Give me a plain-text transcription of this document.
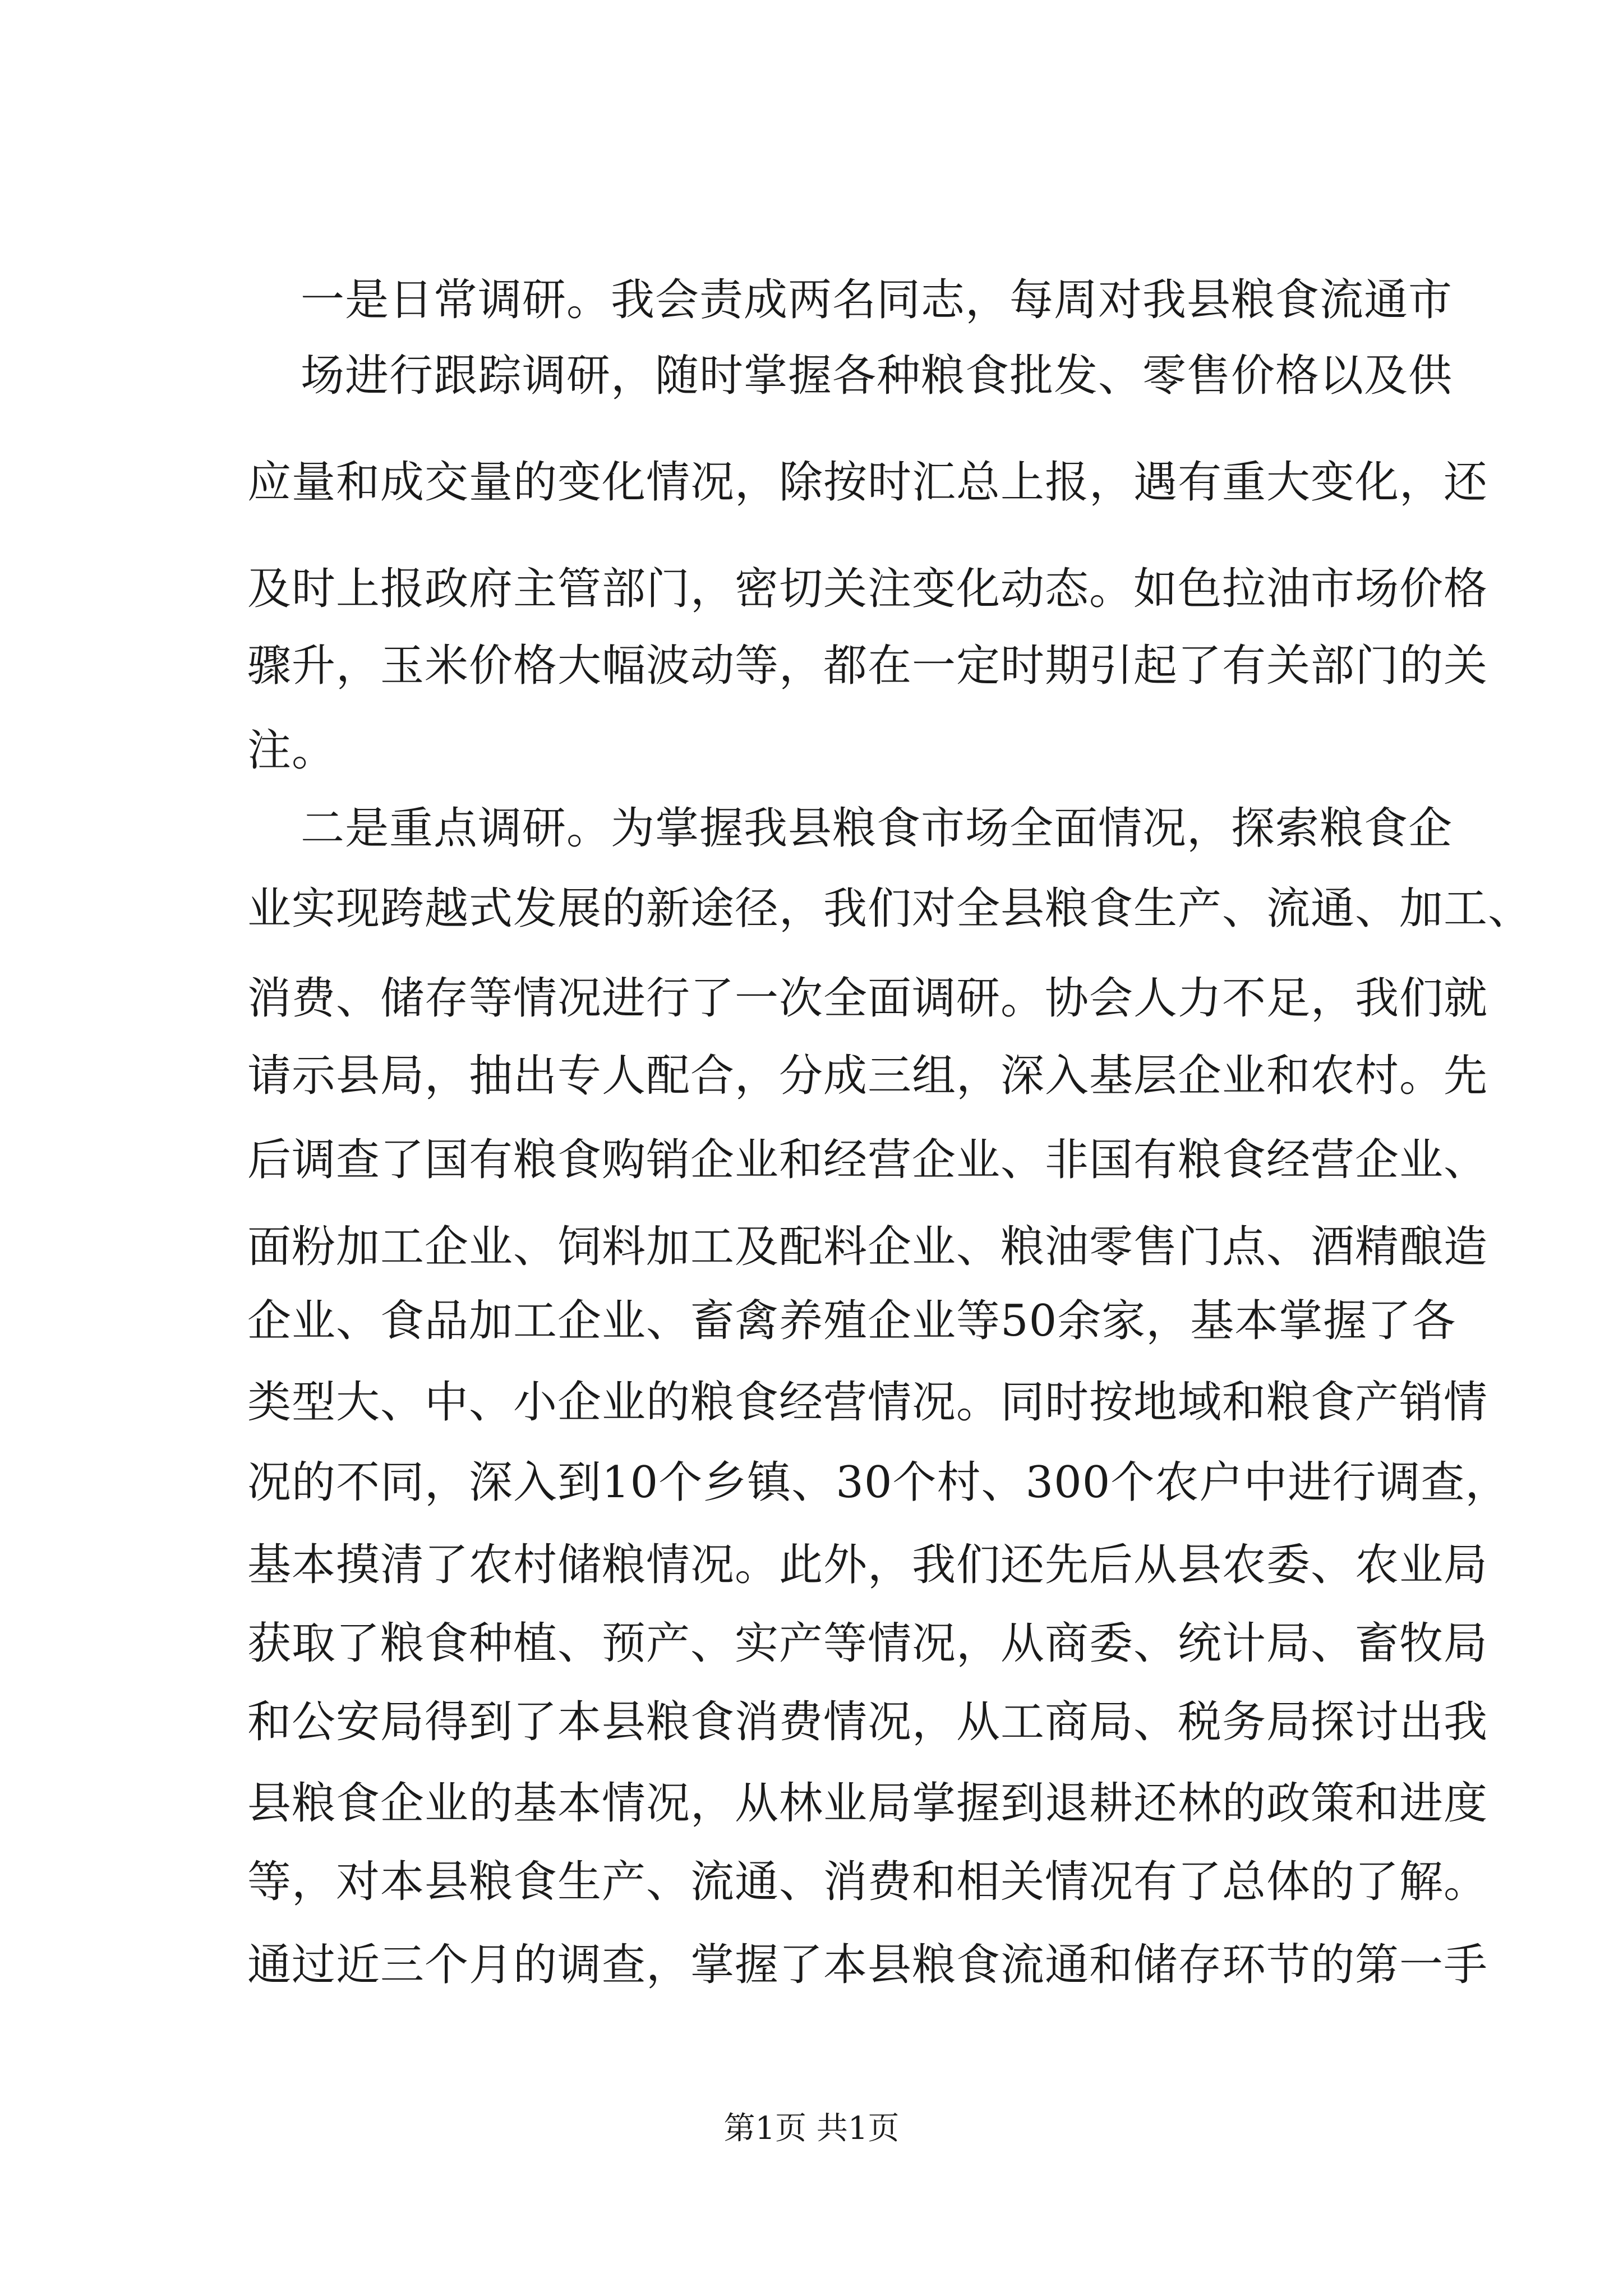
一是日常调研。我会责成两名同志，每周对我县粮食流通市
场进行跟踪调研，随时掌握各种粮食批发、零售价格以及供
应量和成交量的变化情况，除按时汇总上报，遇有重大变化，还
及时上报政府主管部门，密切关注变化动态。如色拉油市场价格
骤升，玉米价格大幅波动等，都在一定时期引起了有关部门的关
注。
二是重点调研。为掌握我县粮食市场全面情况，探索粮食企
业实现跨越式发展的新途径，我们对全县粮食生产、流通、加工、
消费、储存等情况进行了一次全面调研。协会人力不足，我们就
请示县局，抽出专人配合，分成三组，深入基层企业和农村。先
后调查了国有粮食购销企业和经营企业、非国有粮食经营企业、
面粉加工企业、饲料加工及配料企业、粮油零售门点、酒精酿造
企业、食品加工企业、畜禽养殖企业等50余家，基本掌握了各
类型大、中、小企业的粮食经营情况。同时按地域和粮食产销情
况的不同，深入到10个乡镇、30个村、300个农户中进行调查，
基本摸清了农村储粮情况。此外，我们还先后从县农委、农业局
获取了粮食种植、预产、实产等情况，从商委、统计局、畜牧局
和公安局得到了本县粮食消费情况，从工商局、税务局探讨出我
县粮食企业的基本情况，从林业局掌握到退耕还林的政策和进度
等，对本县粮食生产、流通、消费和相关情况有了总体的了解。
通过近三个月的调查，掌握了本县粮食流通和储存环节的第一手
第1页 共1页
